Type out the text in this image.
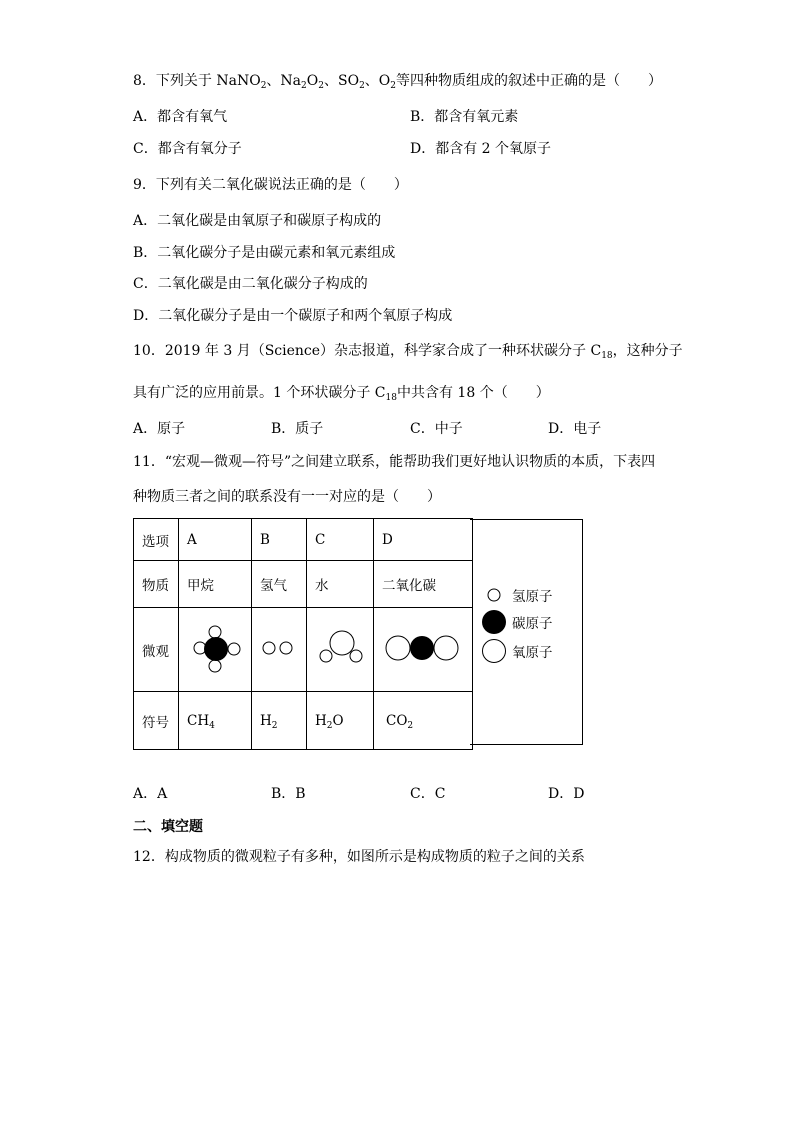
8．下列关于 NaNO$_2$、$Na_2O_2$、$SO_2$、$O_2$等四种物质组成的叙述中正确的是（　　）
A．都含有氧气	B．都含有氧元素
C．都含有氧分子	D．都含有 2 个氧原子
9．下列有关二氧化碳说法正确的是（　　）
A．二氧化碳是由氧原子和碳原子构成的
B．二氧化碳分子是由碳元素和氧元素组成
C．二氧化碳是由二氧化碳分子构成的
D．二氧化碳分子是由一个碳原子和两个氧原子构成
10．2019 年 3 月（Science）杂志报道，科学家合成了一种环状碳分子 $C_{18}$，这种分子
具有广泛的应用前景。1 个环状碳分子 $C_{18}$中共含有 18 个（　　）
A．原子	B．质子	C．中子	D．电子
11．“宏观—微观—符号”之间建立联系，能帮助我们更好地认识物质的本质，下表四
种物质三者之间的联系没有一一对应的是（　　）
选项	A	B	C	D
物质	甲烷	氢气	水	二氧化碳
微观				
符号	$CH_4$	$H_2$	$H_2O$	$CO_2$
氢原子
碳原子
氧原子
A．A	B．B	C．C	D．D
二、填空题
12．构成物质的微观粒子有多种，如图所示是构成物质的粒子之间的关系
